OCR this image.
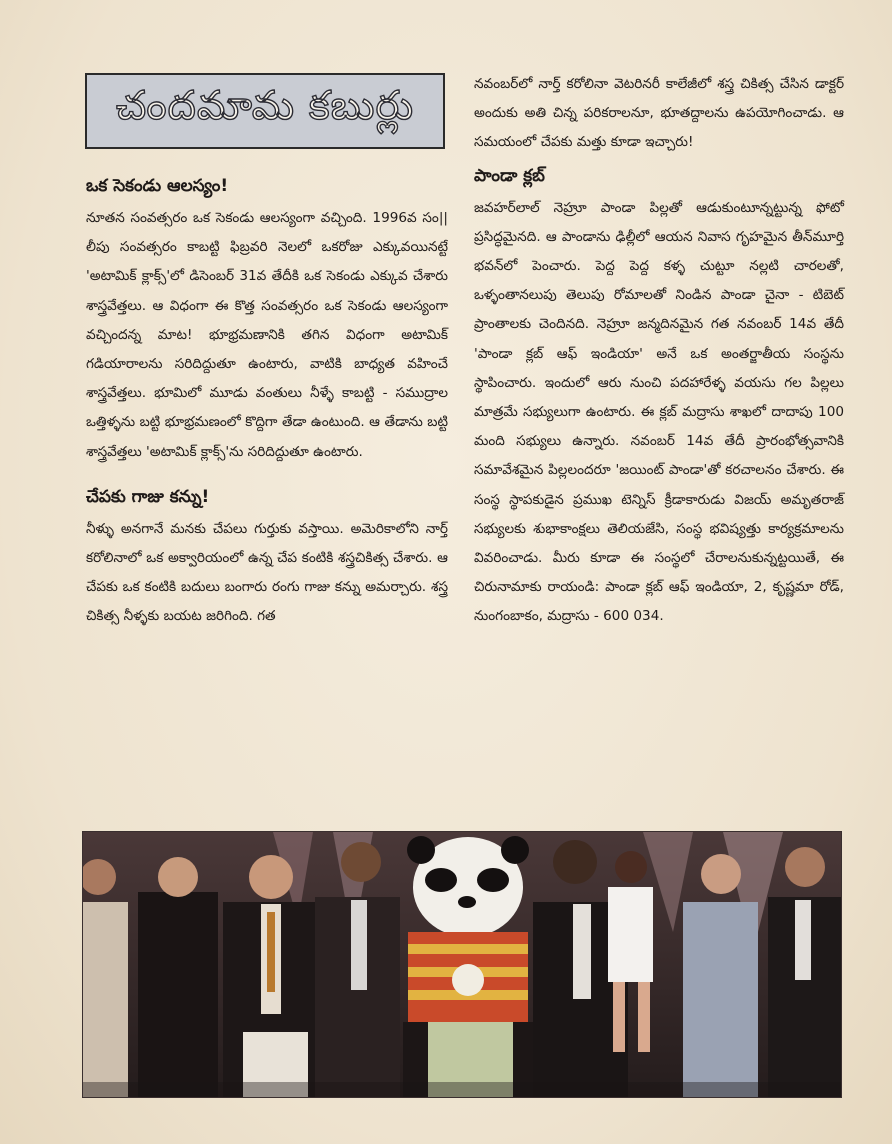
చందమామ కబుర్లు

ఒక సెకండు ఆలస్యం!

నూతన సంవత్సరం ఒక సెకండు ఆలస్యంగా వచ్చింది. 1996వ సం|| లీపు సంవత్సరం కాబట్టి ఫిబ్రవరి నెలలో ఒకరోజు ఎక్కువయినట్టే 'అటామిక్ క్లాక్స్'లో డిసెంబర్ 31వ తేదీకి ఒక సెకండు ఎక్కువ చేశారు శాస్త్రవేత్తలు. ఆ విధంగా ఈ కొత్త సంవత్సరం ఒక సెకండు ఆలస్యంగా వచ్చిందన్న మాట! భూభ్రమణానికి తగిన విధంగా అటామిక్ గడియారాలను సరిదిద్దుతూ ఉంటారు, వాటికి బాధ్యత వహించే శాస్త్రవేత్తలు. భూమిలో మూడు వంతులు నీళ్ళే కాబట్టి - సముద్రాల ఒత్తిళ్ళను బట్టి భూభ్రమణంలో కొద్దిగా తేడా ఉంటుంది. ఆ తేడాను బట్టి శాస్త్రవేత్తలు 'అటామిక్ క్లాక్స్'ను సరిదిద్దుతూ ఉంటారు.

చేపకు గాజు కన్ను!

నీళ్ళు అనగానే మనకు చేపలు గుర్తుకు వస్తాయి. అమెరికాలోని నార్త్ కరోలినాలో ఒక అక్వారియంలో ఉన్న చేప కంటికి శస్త్రచికిత్స చేశారు. ఆ చేపకు ఒక కంటికి బదులు బంగారు రంగు గాజు కన్ను అమర్చారు. శస్త్ర చికిత్స నీళ్ళకు బయట జరిగింది. గత

నవంబర్‌లో నార్త్ కరోలినా వెటరినరీ కాలేజీలో శస్త్ర చికిత్స చేసిన డాక్టర్ అందుకు అతి చిన్న పరికరాలనూ, భూతద్దాలను ఉపయోగించాడు. ఆ సమయంలో చేపకు మత్తు కూడా ఇచ్చారు!

పాండా క్లబ్

జవహర్‌లాల్ నెహ్రూ పాండా పిల్లతో ఆడుకుంటూన్నట్టున్న ఫోటో ప్రసిద్ధమైనది. ఆ పాండాను ఢిల్లీలో ఆయన నివాస గృహమైన తీన్‌మూర్తి భవన్‌లో పెంచారు. పెద్ద పెద్ద కళ్ళ చుట్టూ నల్లటి చారలతో, ఒళ్ళంతానలుపు తెలుపు రోమాలతో నిండిన పాండా చైనా - టిబెట్ ప్రాంతాలకు చెందినది. నెహ్రూ జన్మదినమైన గత నవంబర్ 14వ తేదీ 'పాండా క్లబ్ ఆఫ్ ఇండియా' అనే ఒక అంతర్జాతీయ సంస్థను స్థాపించారు. ఇందులో ఆరు నుంచి పదహారేళ్ళ వయసు గల పిల్లలు మాత్రమే సభ్యులుగా ఉంటారు. ఈ క్లబ్ మద్రాసు శాఖలో దాదాపు 100 మంది సభ్యులు ఉన్నారు. నవంబర్ 14వ తేదీ ప్రారంభోత్సవానికి సమావేశమైన పిల్లలందరూ 'జయింట్ పాండా'తో కరచాలనం చేశారు. ఈ సంస్థ స్థాపకుడైన ప్రముఖ టెన్నిస్ క్రీడాకారుడు విజయ్ అమృతరాజ్ సభ్యులకు శుభాకాంక్షలు తెలియజేసి, సంస్థ భవిష్యత్తు కార్యక్రమాలను వివరించాడు. మీరు కూడా ఈ సంస్థలో చేరాలనుకున్నట్టయితే, ఈ చిరునామాకు రాయండి: పాండా క్లబ్ ఆఫ్ ఇండియా, 2, కృష్ణమా రోడ్, నుంగంబాకం, మద్రాసు - 600 034.
